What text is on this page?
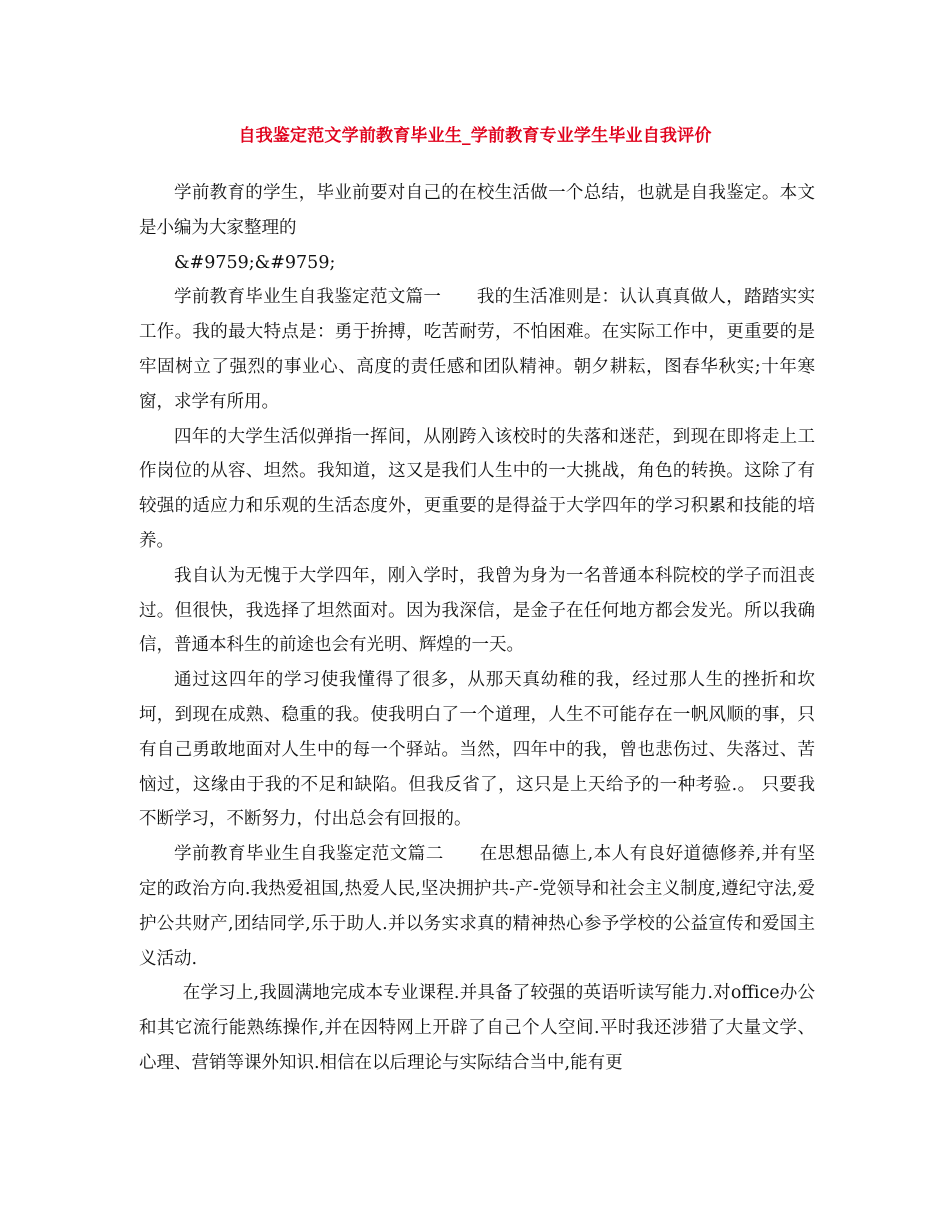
自我鉴定范文学前教育毕业生_学前教育专业学生毕业自我评价

学前教育的学生，毕业前要对自己的在校生活做一个总结，也就是自我鉴定。本文是小编为大家整理的

&#9759;&#9759;

学前教育毕业生自我鉴定范文篇一　　我的生活准则是：认认真真做人，踏踏实实工作。我的最大特点是：勇于拚搏，吃苦耐劳，不怕困难。在实际工作中，更重要的是牢固树立了强烈的事业心、高度的责任感和团队精神。朝夕耕耘，图春华秋实;十年寒窗，求学有所用。

四年的大学生活似弹指一挥间，从刚跨入该校时的失落和迷茫，到现在即将走上工作岗位的从容、坦然。我知道，这又是我们人生中的一大挑战，角色的转换。这除了有较强的适应力和乐观的生活态度外，更重要的是得益于大学四年的学习积累和技能的培养。

我自认为无愧于大学四年，刚入学时，我曾为身为一名普通本科院校的学子而沮丧过。但很快，我选择了坦然面对。因为我深信，是金子在任何地方都会发光。所以我确信，普通本科生的前途也会有光明、辉煌的一天。

通过这四年的学习使我懂得了很多，从那天真幼稚的我，经过那人生的挫折和坎坷，到现在成熟、稳重的我。使我明白了一个道理，人生不可能存在一帆风顺的事，只有自己勇敢地面对人生中的每一个驿站。当然，四年中的我，曾也悲伤过、失落过、苦恼过，这缘由于我的不足和缺陷。但我反省了，这只是上天给予的一种考验.。 只要我不断学习，不断努力，付出总会有回报的。

学前教育毕业生自我鉴定范文篇二　　在思想品德上,本人有良好道德修养,并有坚定的政治方向.我热爱祖国,热爱人民,坚决拥护共-产-党领导和社会主义制度,遵纪守法,爱护公共财产,团结同学,乐于助人.并以务实求真的精神热心参予学校的公益宣传和爱国主义活动.

在学习上,我圆满地完成本专业课程.并具备了较强的英语听读写能力.对office办公和其它流行能熟练操作,并在因特网上开辟了自己个人空间.平时我还涉猎了大量文学、心理、营销等课外知识.相信在以后理论与实际结合当中,能有更
